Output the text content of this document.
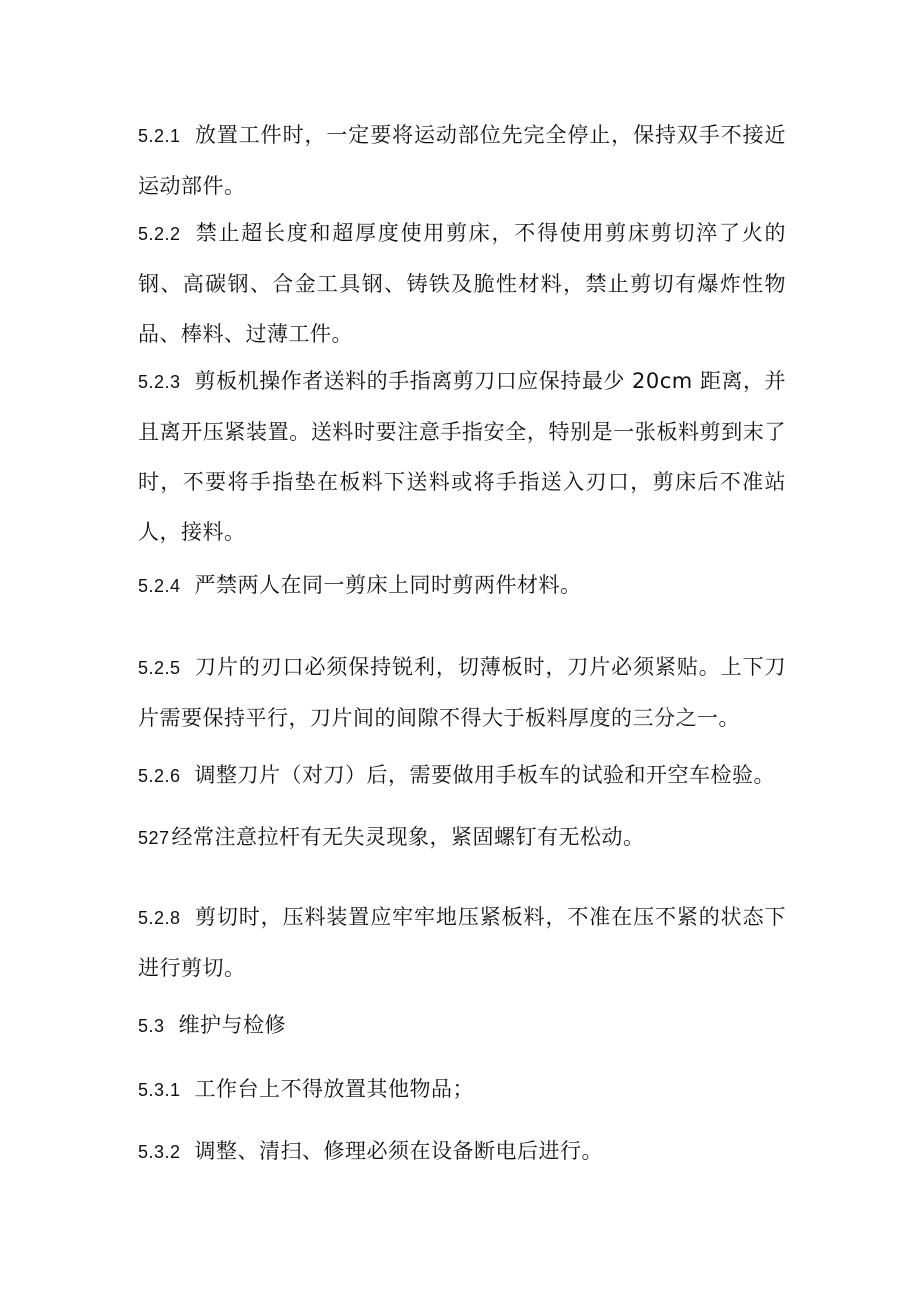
5.2.1 放置工件时，一定要将运动部位先完全停止，保持双手不接近运动部件。
5.2.2 禁止超长度和超厚度使用剪床，不得使用剪床剪切淬了火的钢、高碳钢、合金工具钢、铸铁及脆性材料，禁止剪切有爆炸性物品、棒料、过薄工件。
5.2.3 剪板机操作者送料的手指离剪刀口应保持最少 20cm 距离，并且离开压紧装置。送料时要注意手指安全，特别是一张板料剪到末了时，不要将手指垫在板料下送料或将手指送入刃口，剪床后不准站人，接料。
5.2.4 严禁两人在同一剪床上同时剪两件材料。
5.2.5 刀片的刃口必须保持锐利，切薄板时，刀片必须紧贴。上下刀片需要保持平行，刀片间的间隙不得大于板料厚度的三分之一。
5.2.6 调整刀片（对刀）后，需要做用手板车的试验和开空车检验。
527经常注意拉杆有无失灵现象，紧固螺钉有无松动。
5.2.8 剪切时，压料装置应牢牢地压紧板料，不准在压不紧的状态下进行剪切。
5.3 维护与检修
5.3.1 工作台上不得放置其他物品；
5.3.2 调整、清扫、修理必须在设备断电后进行。
